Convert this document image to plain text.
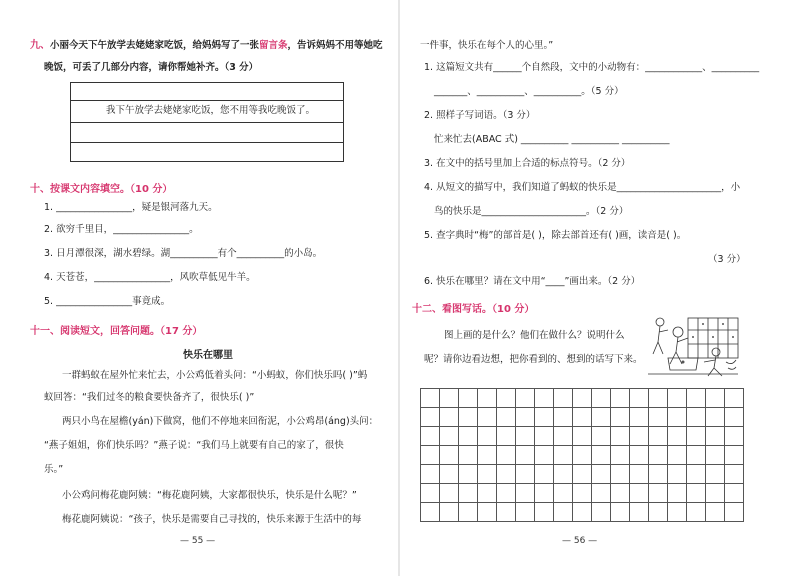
九、小丽今天下午放学去姥姥家吃饭，给妈妈写了一张留言条，告诉妈妈不用等她吃
晚饭，可丢了几部分内容，请你帮她补齐。（3 分）
我下午放学去姥姥家吃饭，您不用等我吃晚饭了。
十、按课文内容填空。（10 分）
1. ________________，疑是银河落九天。
2. 欲穷千里目，________________。
3. 日月潭很深，湖水碧绿。湖__________有个__________的小岛。
4. 天苍苍，________________，风吹草低见牛羊。
5. ________________事竟成。
十一、阅读短文，回答问题。（17 分）
快乐在哪里
一群蚂蚁在屋外忙来忙去，小公鸡低着头问：“小蚂蚁，你们快乐吗( )”蚂
蚁回答：“我们过冬的粮食要快备齐了，很快乐( )”
两只小鸟在屋檐(yán)下做窝，他们不停地来回衔泥，小公鸡昂(áng)头问：
“燕子姐姐，你们快乐吗？”燕子说：“我们马上就要有自己的家了，很快
乐。”
小公鸡问梅花鹿阿姨：“梅花鹿阿姨，大家都很快乐，快乐是什么呢？”
梅花鹿阿姨说：“孩子，快乐是需要自己寻找的，快乐来源于生活中的每
— 55 —
一件事，快乐在每个人的心里。”
1. 这篇短文共有______个自然段，文中的小动物有：____________、__________
_______、__________、__________。（5 分）
2. 照样子写词语。（3 分）
忙来忙去(ABAC 式) __________ __________ __________
3. 在文中的括号里加上合适的标点符号。（2 分）
4. 从短文的描写中，我们知道了蚂蚁的快乐是______________________，小
鸟的快乐是______________________。（2 分）
5. 查字典时“梅”的部首是( )，除去部首还有( )画，读音是( )。
（3 分）
6. 快乐在哪里？请在文中用“____”画出来。（2 分）
十二、看图写话。（10 分）
图上画的是什么？他们在做什么？说明什么
呢？请你边看边想，把你看到的、想到的话写下来。
— 56 —
